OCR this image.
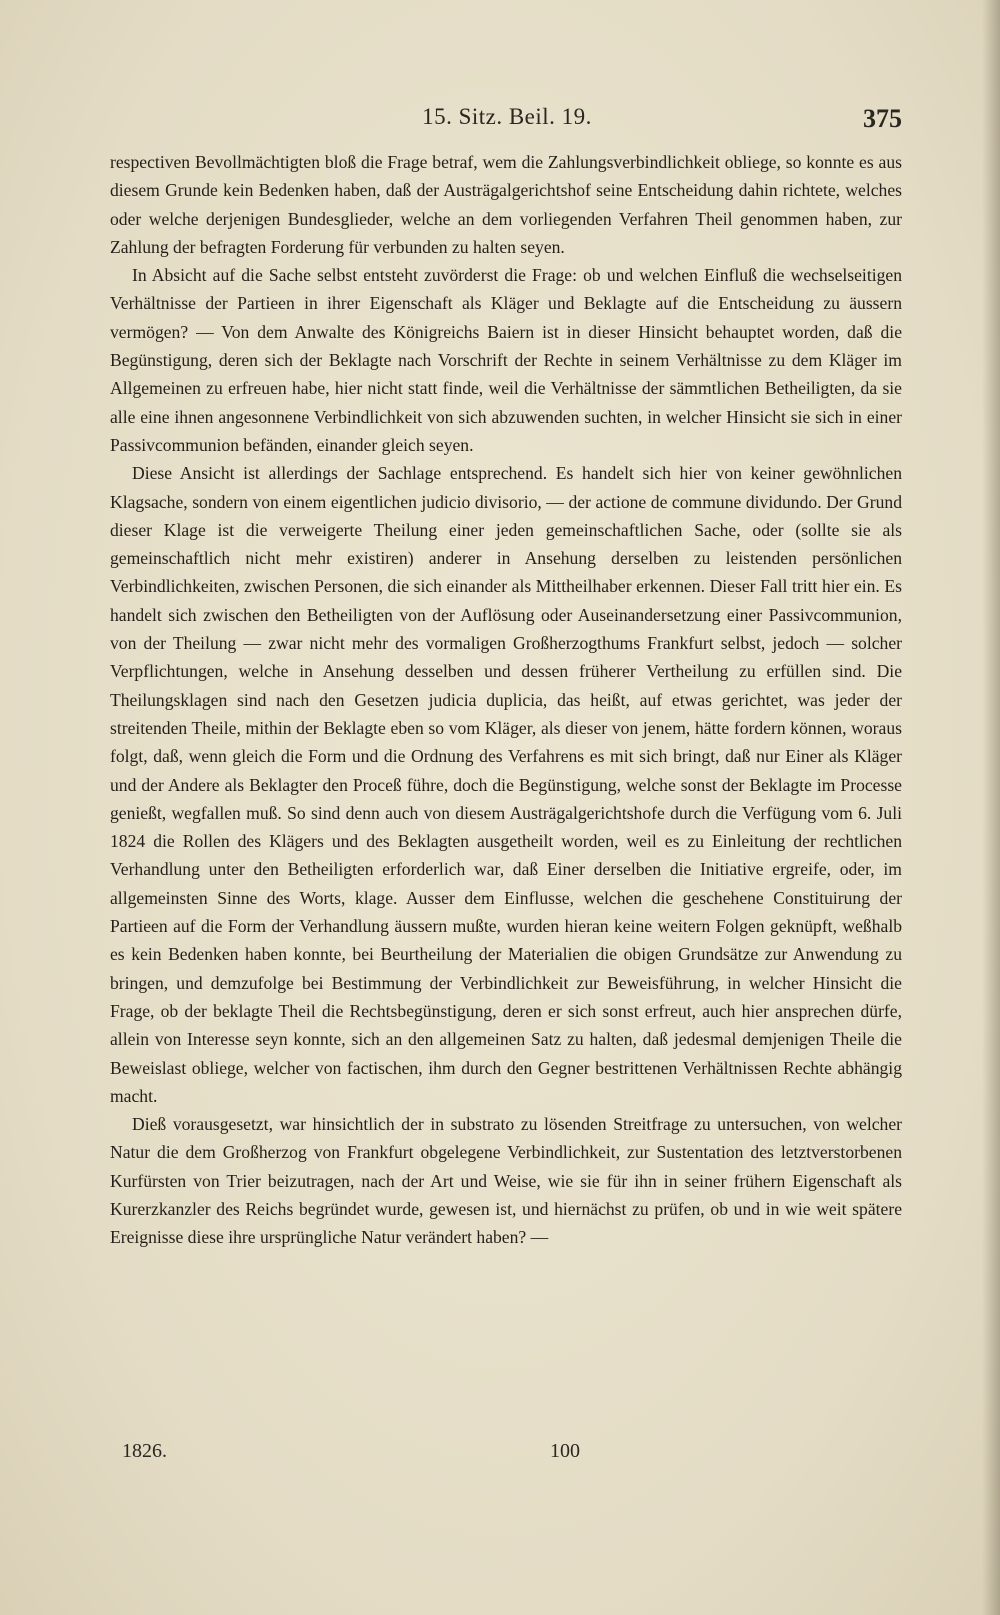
15. Sitz. Beil. 19.	375

respectiven Bevollmächtigten bloß die Frage betraf, wem die Zahlungsverbindlichkeit obliege, so konnte es aus diesem Grunde kein Bedenken haben, daß der Austrägalgerichtshof seine Entscheidung dahin richtete, welches oder welche derjenigen Bundesglieder, welche an dem vorliegenden Verfahren Theil genommen haben, zur Zahlung der befragten Forderung für verbunden zu halten seyen.

In Absicht auf die Sache selbst entsteht zuvörderst die Frage: ob und welchen Einfluß die wechselseitigen Verhältnisse der Partieen in ihrer Eigenschaft als Kläger und Beklagte auf die Entscheidung zu äussern vermögen? — Von dem Anwalte des Königreichs Baiern ist in dieser Hinsicht behauptet worden, daß die Begünstigung, deren sich der Beklagte nach Vorschrift der Rechte in seinem Verhältnisse zu dem Kläger im Allgemeinen zu erfreuen habe, hier nicht statt finde, weil die Verhältnisse der sämmtlichen Betheiligten, da sie alle eine ihnen angesonnene Verbindlichkeit von sich abzuwenden suchten, in welcher Hinsicht sie sich in einer Passivcommunion befänden, einander gleich seyen.

Diese Ansicht ist allerdings der Sachlage entsprechend. Es handelt sich hier von keiner gewöhnlichen Klagsache, sondern von einem eigentlichen judicio divisorio, — der actione de commune dividundo. Der Grund dieser Klage ist die verweigerte Theilung einer jeden gemeinschaftlichen Sache, oder (sollte sie als gemeinschaftlich nicht mehr existiren) anderer in Ansehung derselben zu leistenden persönlichen Verbindlichkeiten, zwischen Personen, die sich einander als Mittheilhaber erkennen. Dieser Fall tritt hier ein. Es handelt sich zwischen den Betheiligten von der Auflösung oder Auseinandersetzung einer Passivcommunion, von der Theilung — zwar nicht mehr des vormaligen Großherzogthums Frankfurt selbst, jedoch — solcher Verpflichtungen, welche in Ansehung desselben und dessen früherer Vertheilung zu erfüllen sind. Die Theilungsklagen sind nach den Gesetzen judicia duplicia, das heißt, auf etwas gerichtet, was jeder der streitenden Theile, mithin der Beklagte eben so vom Kläger, als dieser von jenem, hätte fordern können, woraus folgt, daß, wenn gleich die Form und die Ordnung des Verfahrens es mit sich bringt, daß nur Einer als Kläger und der Andere als Beklagter den Proceß führe, doch die Begünstigung, welche sonst der Beklagte im Processe genießt, wegfallen muß. So sind denn auch von diesem Austrägalgerichtshofe durch die Verfügung vom 6. Juli 1824 die Rollen des Klägers und des Beklagten ausgetheilt worden, weil es zu Einleitung der rechtlichen Verhandlung unter den Betheiligten erforderlich war, daß Einer derselben die Initiative ergreife, oder, im allgemeinsten Sinne des Worts, klage. Ausser dem Einflusse, welchen die geschehene Constituirung der Partieen auf die Form der Verhandlung äussern mußte, wurden hieran keine weitern Folgen geknüpft, weßhalb es kein Bedenken haben konnte, bei Beurtheilung der Materialien die obigen Grundsätze zur Anwendung zu bringen, und demzufolge bei Bestimmung der Verbindlichkeit zur Beweisführung, in welcher Hinsicht die Frage, ob der beklagte Theil die Rechtsbegünstigung, deren er sich sonst erfreut, auch hier ansprechen dürfe, allein von Interesse seyn konnte, sich an den allgemeinen Satz zu halten, daß jedesmal demjenigen Theile die Beweislast obliege, welcher von factischen, ihm durch den Gegner bestrittenen Verhältnissen Rechte abhängig macht.

Dieß vorausgesetzt, war hinsichtlich der in substrato zu lösenden Streitfrage zu untersuchen, von welcher Natur die dem Großherzog von Frankfurt obgelegene Verbindlichkeit, zur Sustentation des letztverstorbenen Kurfürsten von Trier beizutragen, nach der Art und Weise, wie sie für ihn in seiner frühern Eigenschaft als Kurerzkanzler des Reichs begründet wurde, gewesen ist, und hiernächst zu prüfen, ob und in wie weit spätere Ereignisse diese ihre ursprüngliche Natur verändert haben? —

1826.	100
